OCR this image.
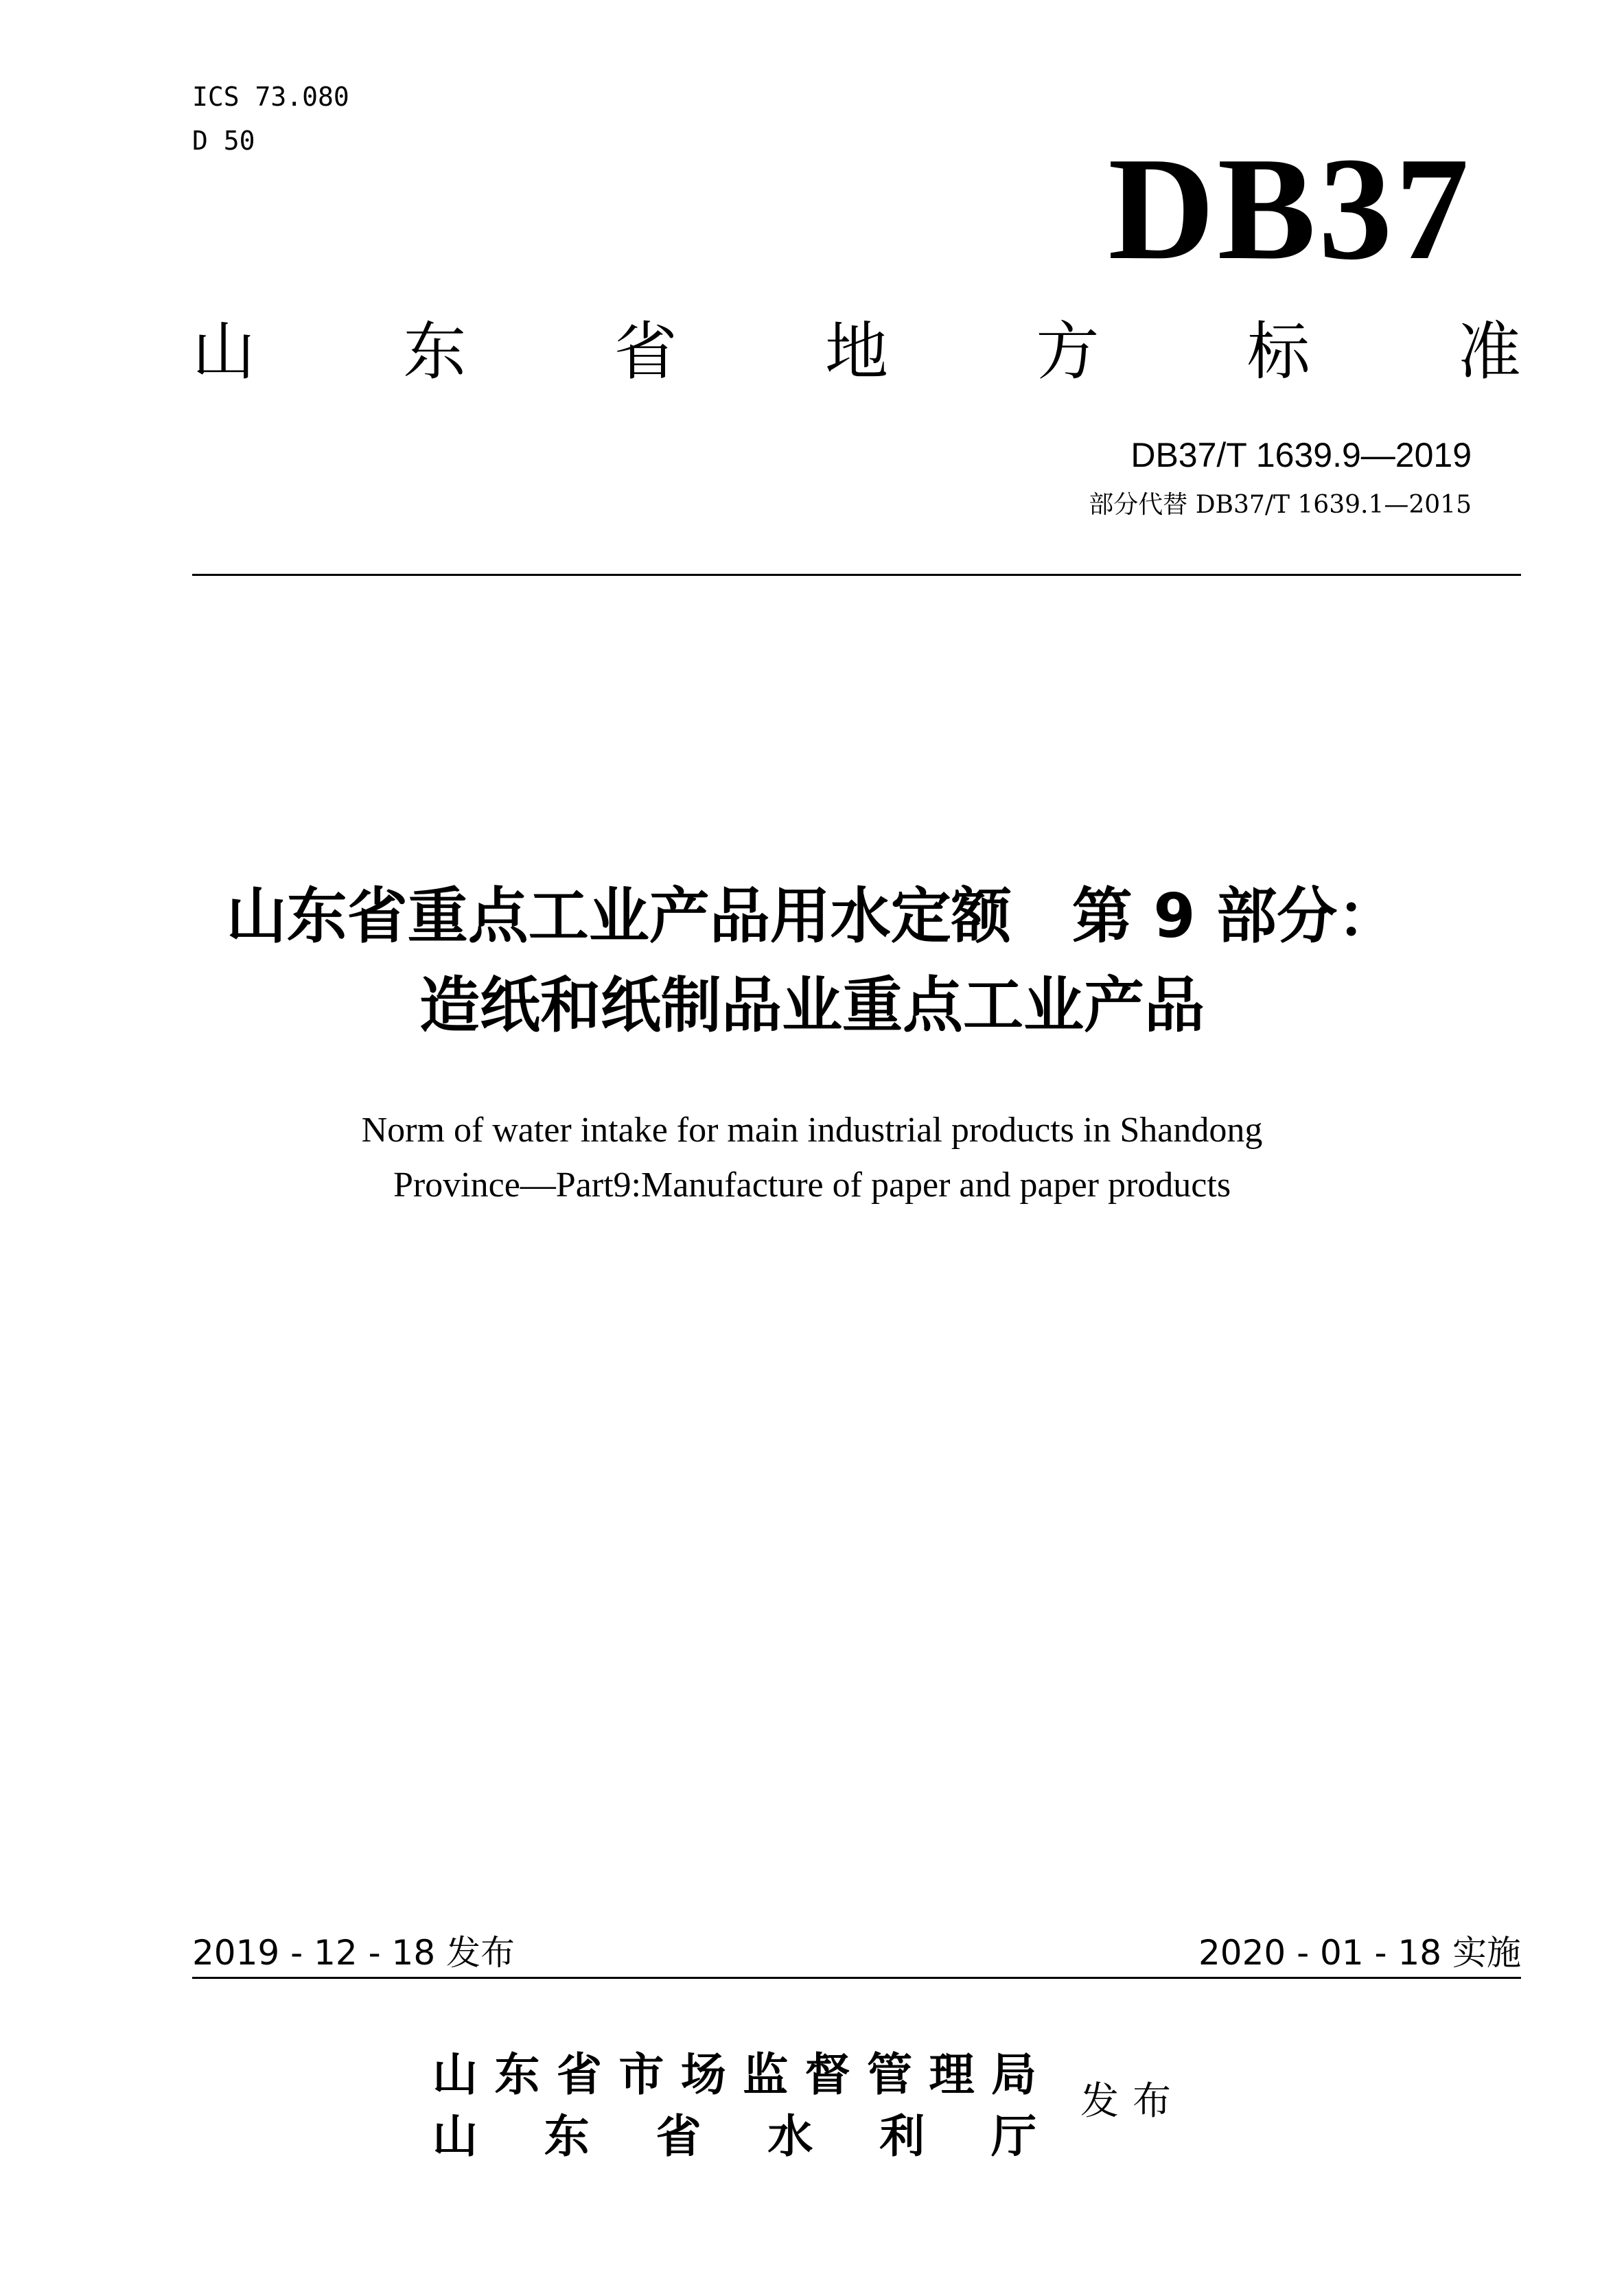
ICS 73.080
D 50	DB37
山 东 省 地 方 标 准
DB37/T 1639.9—2019
部分代替 DB37/T 1639.1—2015
山东省重点工业产品用水定额　第 9 部分：
造纸和纸制品业重点工业产品
Norm of water intake for main industrial products in Shandong
Province—Part9:Manufacture of paper and paper products
2019 - 12 - 18 发布	2020 - 01 - 18 实施
山 东 省 市 场 监 督 管 理 局
山 东 省 水 利 厅
发布
